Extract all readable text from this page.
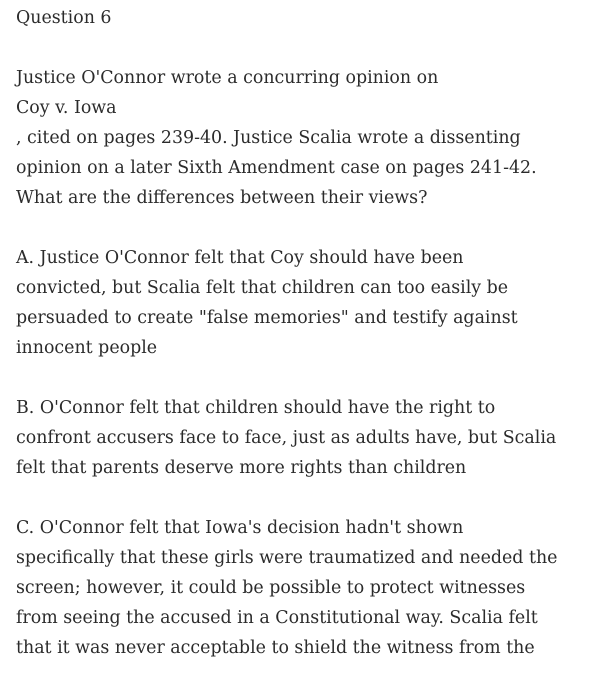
Question 6
Justice O'Connor wrote a concurring opinion on
Coy v. Iowa
, cited on pages 239-40. Justice Scalia wrote a dissenting
opinion on a later Sixth Amendment case on pages 241-42.
What are the differences between their views?
A. Justice O'Connor felt that Coy should have been
convicted, but Scalia felt that children can too easily be
persuaded to create "false memories" and testify against
innocent people
B. O'Connor felt that children should have the right to
confront accusers face to face, just as adults have, but Scalia
felt that parents deserve more rights than children
C. O'Connor felt that Iowa's decision hadn't shown
specifically that these girls were traumatized and needed the
screen; however, it could be possible to protect witnesses
from seeing the accused in a Constitutional way. Scalia felt
that it was never acceptable to shield the witness from the
